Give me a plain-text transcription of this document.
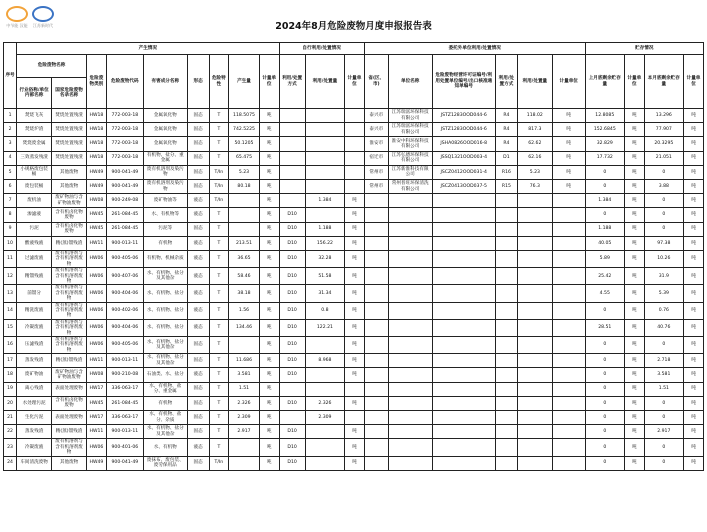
中节能 汉能 江苏新时代	2024年8月危险废物月度申报报告表
序号	产生情况									自行利用/处置情况			委托外单位利用/处置情况						贮存情况			
	危险废物名称		危险废物类别	危险废物代码	有害成分名称	形态	危险特性	产生量	计量单位	利用/处置方式	利用/处置量	计量单位	省(区、市)	单位名称	危险废物经营许可证编号/利用处置单位编号/出口核准通知单编号	利用/处置方式	利用/处置量	计量单位	上月底剩余贮存量	计量单位	本月底剩余贮存量	计量单位
	行业俗称/单位内部名称	国家危险废物名录名称																				
1	焚烧飞灰	焚烧处置残渣	HW18	772-003-18	金属氧化物	固态	T	118.5075	吨				泰兴市	江苏瑞富环保科技有限公司	JSTZ1283OOD044-6	R4	118.02	吨	12.8085	吨	13.296	吨
2	焚烧炉渣	焚烧处置残渣	HW18	772-003-18	金属氧化物	固态	T	742.5225	吨				泰兴市	江苏瑞富环保科技有限公司	JSTZ1283OOD044-6	R4	817.3	吨	152.6845	吨	77.907	吨
3	焚烧废金属	焚烧处置残渣	HW18	772-003-18	金属氧化物	固态	T	50.1205	吨				淮安市	淮安中科环保科技有限公司	JSHA0826OOD016-8	R4	62.62	吨	32.829	吨	20.3295	吨
4	三效蒸发残渣	焚烧处置残渣	HW18	772-003-18	有机物、盐分、重金属	固态	T	65.475	吨				宿迁市	江苏弘德环保科技有限公司	JSSQ1321OOD003-4	D1	62.16	吨	17.732	吨	21.051	吨
5	小规格废包装桶	其他废物	HW49	900-041-49	废有机溶剂及染污物	固态	T/In	5.23	吨				常州市	江苏新淮科技有限公司	JSCZ0412OOD031-4	R16	5.23	吨	0	吨	0	吨
6	废包装桶	其他废物	HW49	900-041-49	废有机溶剂及染污物	固态	T/In	80.18	吨				常州市	常州普旺环保清洗有限公司	JSCZ0413OOD037-5	R15	76.3	吨	0	吨	3.88	吨
7	废机油	废矿物油与含矿物油废物	HW08	900-249-08	废矿物油等	液态	T/In		吨		1.384	吨							1.384	吨	0	吨
8	渗滤液	含有机卤化物废物	HW45	261-084-45	水、有机物等	液态	T		吨	D10		吨							0	吨	0	吨
9	污泥	含有机卤化物废物	HW45	261-084-45	污泥等	固态	T		吨	D10	1.188	吨							1.188	吨	0	吨
10	酸液残液	精(蒸)馏残渣	HW11	900-013-11	有机物	液态	T	213.51	吨	D10	156.22	吨							40.05	吨	97.38	吨
11	过滤废液	废有机溶剂与含有机溶剂废物	HW06	900-405-06	有机物、机械杂质	液态	T	36.65	吨	D10	32.28	吨							5.89	吨	10.26	吨
12	精馏残液	废有机溶剂与含有机溶剂废物	HW06	900-407-06	水、有机物、盐分及其他杂	液态	T	58.46	吨	D10	51.58	吨							25.42	吨	31.9	吨
13	前馏分	废有机溶剂与含有机溶剂废物	HW06	900-404-06	水、有机物、盐分	液态	T	38.18	吨	D10	31.34	吨							4.55	吨	5.39	吨
14	精洗废液	废有机溶剂与含有机溶剂废物	HW06	900-402-06	水、有机物、盐分	液态	T	1.56	吨	D10	0.8	吨							0	吨	0.76	吨
15	冷凝废液	废有机溶剂与含有机溶剂废物	HW06	900-404-06	水、有机物、盐分	液态	T	134.46	吨	D10	122.21	吨							28.51	吨	40.76	吨
16	压滤残渣	废有机溶剂与含有机溶剂废物	HW06	900-405-06	水、有机物、盐分及其他杂	固态	T		吨	D10		吨							0	吨	0	吨
17	蒸发残渣	精(蒸)馏残渣	HW11	900-013-11	水、有机物、盐分及其他杂	固态	T	11.686	吨	D10	8.968	吨							0	吨	2.718	吨
18	废矿物油	废矿物油与含矿物油废物	HW08	900-210-08	石油类、水、盐分	液态	T	3.581	吨	D10		吨							0	吨	3.581	吨
19	离心残渣	表面处理废物	HW17	336-063-17	水、有机物、盐分、重金属	固态	T	1.51	吨										0	吨	1.51	吨
20	水处理污泥	含有机卤化物废物	HW45	261-084-45	有机物	固态	T	2.326	吨	D10	2.326	吨							0	吨	0	吨
21	生化污泥	表面处理废物	HW17	336-063-17	水、有机物、盐分、杂质	固态	T	2.309	吨		2.309								0	吨	0	吨
22	蒸发残渣	精(蒸)馏残渣	HW11	900-013-11	水、有机物、盐分及其他杂	固态	T	2.917	吨	D10		吨							0	吨	2.917	吨
23	冷凝废液	废有机溶剂与含有机溶剂废物	HW06	900-401-06	水、有机物	液态	T		吨	D10		吨							0	吨	0	吨
24	车间清洗废物	其他废物	HW49	900-041-49	废抹布、废包装、废劳保用品	固态	T/In		吨	D10		吨							0	吨	0	吨
